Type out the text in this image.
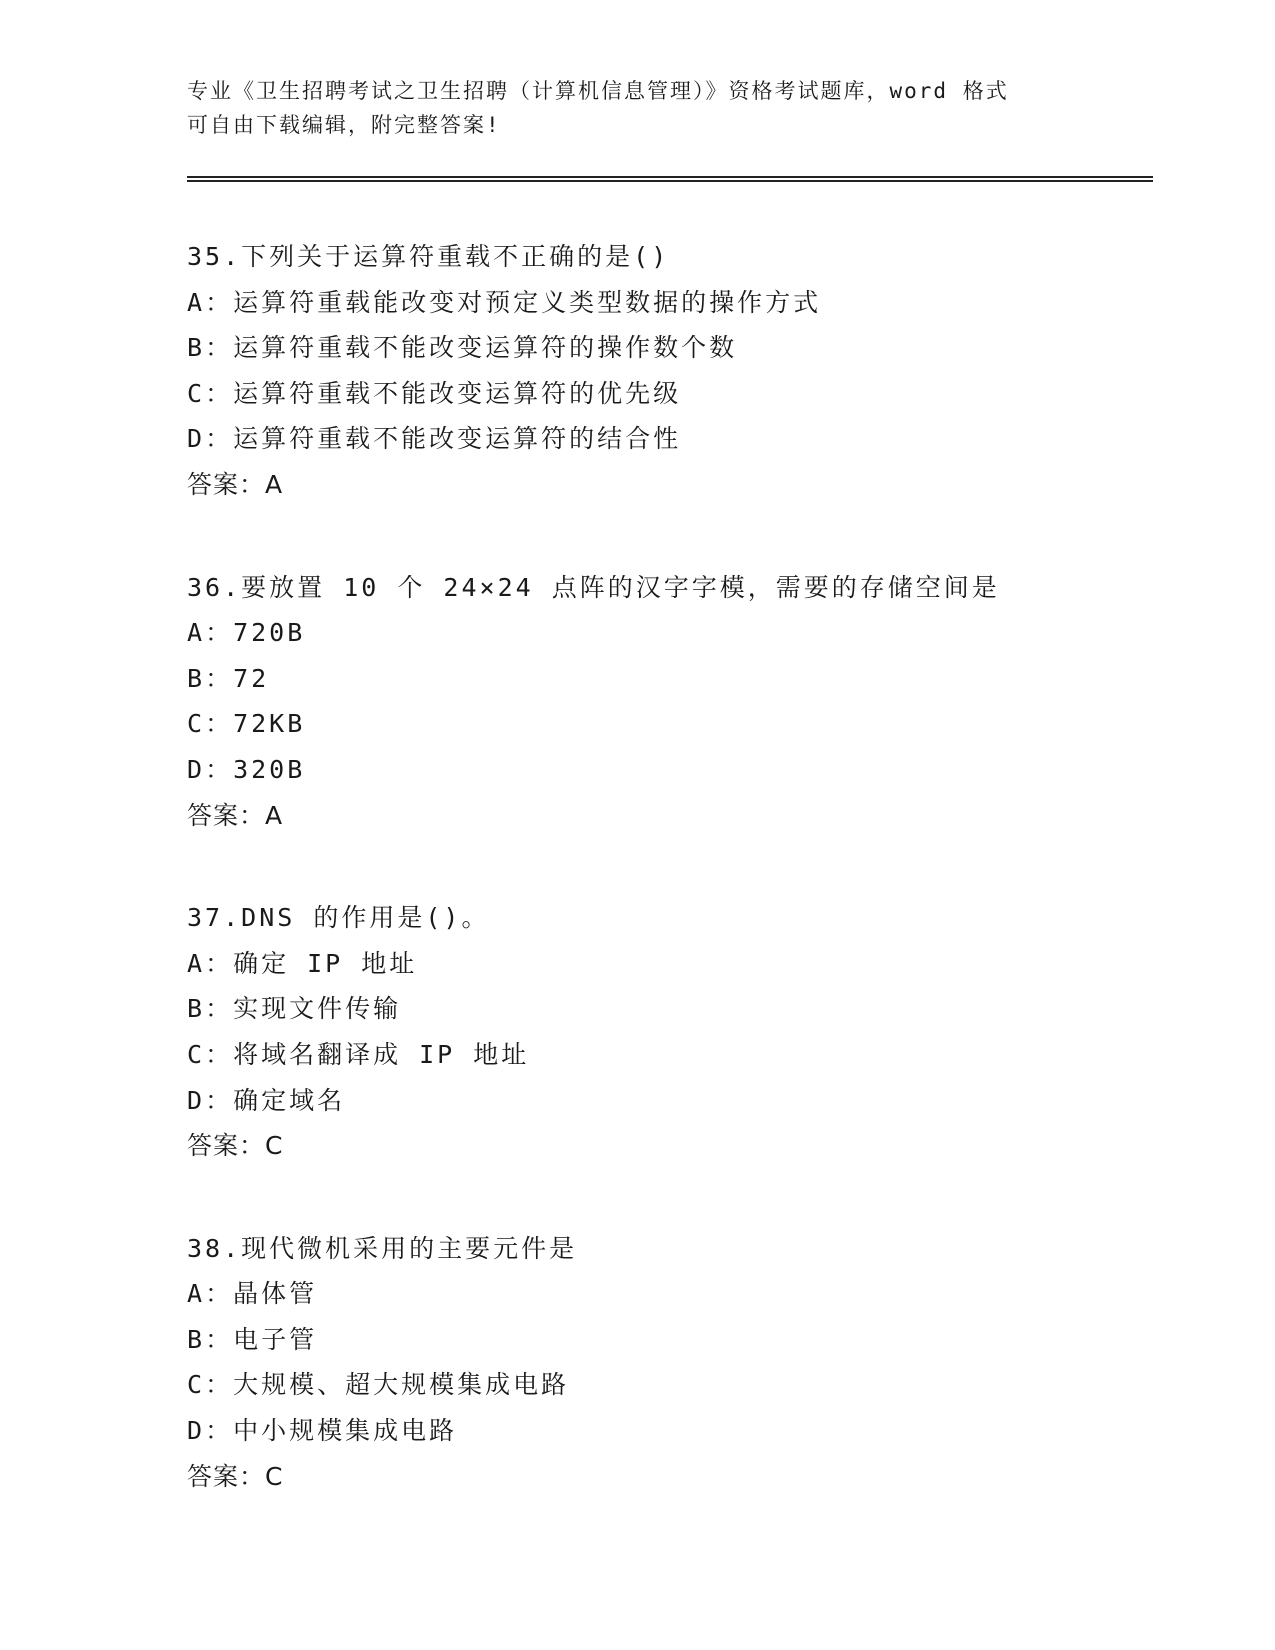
专业《卫生招聘考试之卫生招聘（计算机信息管理）》资格考试题库，word 格式
可自由下载编辑，附完整答案!
35.下列关于运算符重载不正确的是()
A：运算符重载能改变对预定义类型数据的操作方式
B：运算符重载不能改变运算符的操作数个数
C：运算符重载不能改变运算符的优先级
D：运算符重载不能改变运算符的结合性
答案：A
36.要放置 10 个 24×24 点阵的汉字字模，需要的存储空间是
A：720B
B：72
C：72KB
D：320B
答案：A
37.DNS 的作用是()。
A：确定 IP 地址
B：实现文件传输
C：将域名翻译成 IP 地址
D：确定域名
答案：C
38.现代微机采用的主要元件是
A：晶体管
B：电子管
C：大规模、超大规模集成电路
D：中小规模集成电路
答案：C
